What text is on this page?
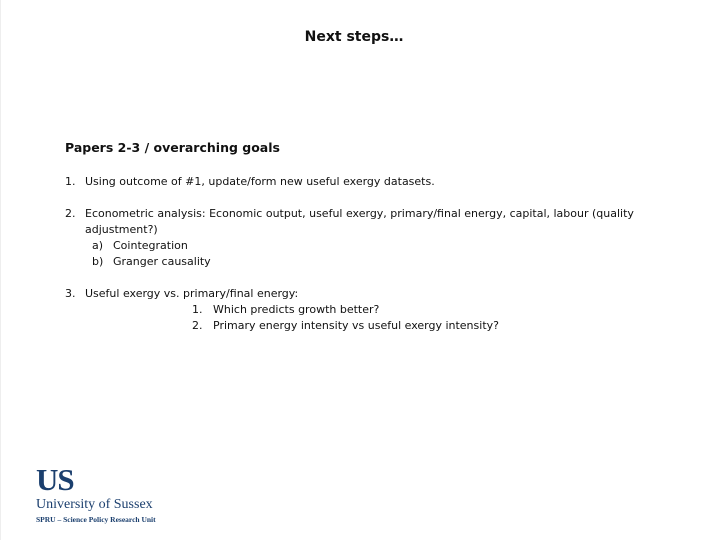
Next steps…
Papers 2-3 / overarching goals
1. Using outcome of #1, update/form new useful exergy datasets.
2. Econometric analysis: Economic output, useful exergy, primary/final energy, capital, labour (quality adjustment?)
a) Cointegration
b) Granger causality
3. Useful exergy vs. primary/final energy:
1. Which predicts growth better?
2. Primary energy intensity vs useful exergy intensity?
US
University of Sussex
SPRU – Science Policy Research Unit
